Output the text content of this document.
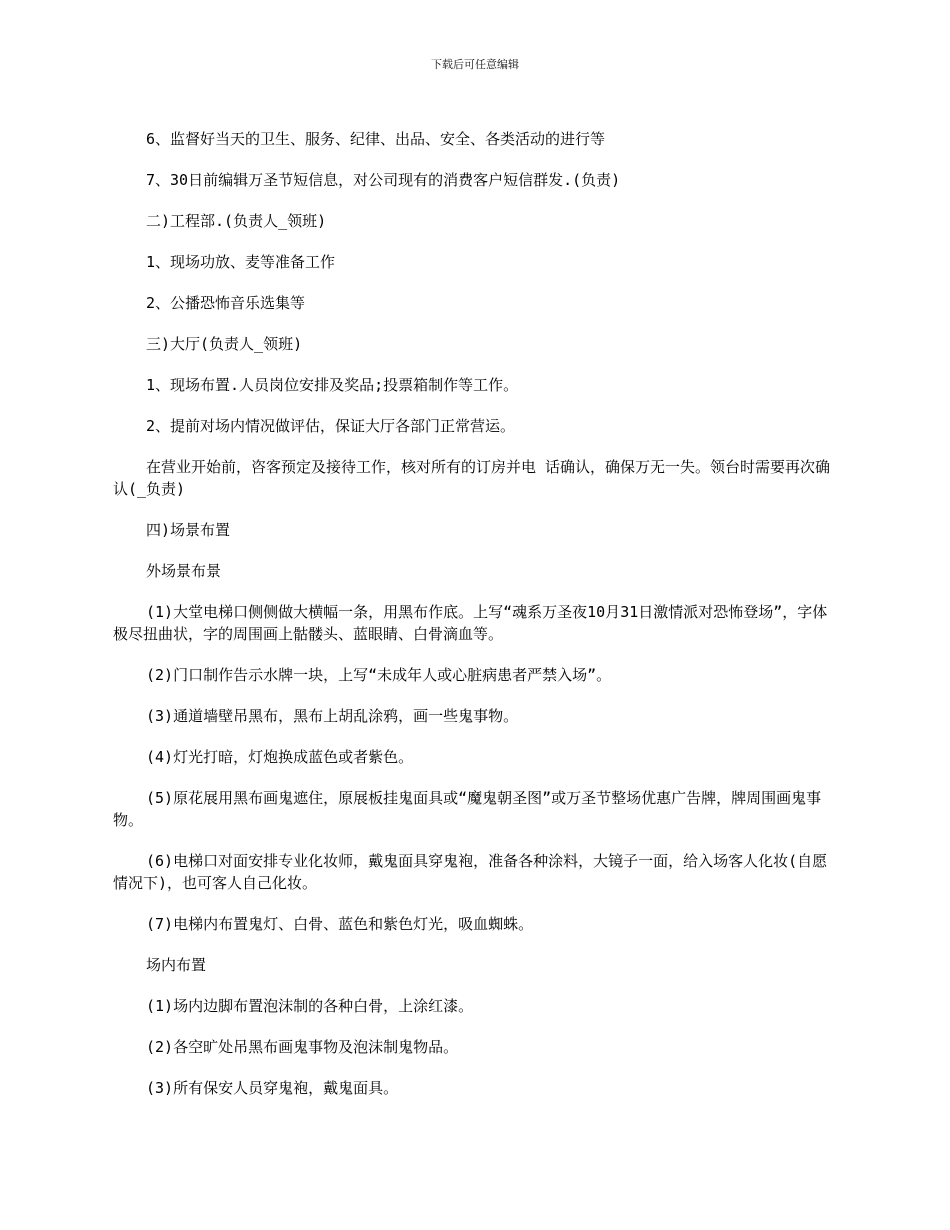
下载后可任意编辑

6、监督好当天的卫生、服务、纪律、出品、安全、各类活动的进行等

7、30日前编辑万圣节短信息，对公司现有的消费客户短信群发.(负责)

二)工程部.(负责人_领班)

1、现场功放、麦等准备工作

2、公播恐怖音乐选集等

三)大厅(负责人_领班)

1、现场布置.人员岗位安排及奖品;投票箱制作等工作。

2、提前对场内情况做评估，保证大厅各部门正常营运。

在营业开始前，咨客预定及接待工作，核对所有的订房并电 话确认，确保万无一失。领台时需要再次确认(_负责)

四)场景布置

外场景布景

(1)大堂电梯口侧侧做大横幅一条，用黑布作底。上写“魂系万圣夜10月31日激情派对恐怖登场”，字体极尽扭曲状，字的周围画上骷髅头、蓝眼睛、白骨滴血等。

(2)门口制作告示水牌一块，上写“未成年人或心脏病患者严禁入场”。

(3)通道墙壁吊黑布，黑布上胡乱涂鸦，画一些鬼事物。

(4)灯光打暗，灯炮换成蓝色或者紫色。

(5)原花展用黑布画鬼遮住，原展板挂鬼面具或“魔鬼朝圣图”或万圣节整场优惠广告牌，牌周围画鬼事物。

(6)电梯口对面安排专业化妆师，戴鬼面具穿鬼袍，准备各种涂料，大镜子一面，给入场客人化妆(自愿情况下)，也可客人自己化妆。

(7)电梯内布置鬼灯、白骨、蓝色和紫色灯光，吸血蜘蛛。

场内布置

(1)场内边脚布置泡沫制的各种白骨，上涂红漆。

(2)各空旷处吊黑布画鬼事物及泡沫制鬼物品。

(3)所有保安人员穿鬼袍，戴鬼面具。
